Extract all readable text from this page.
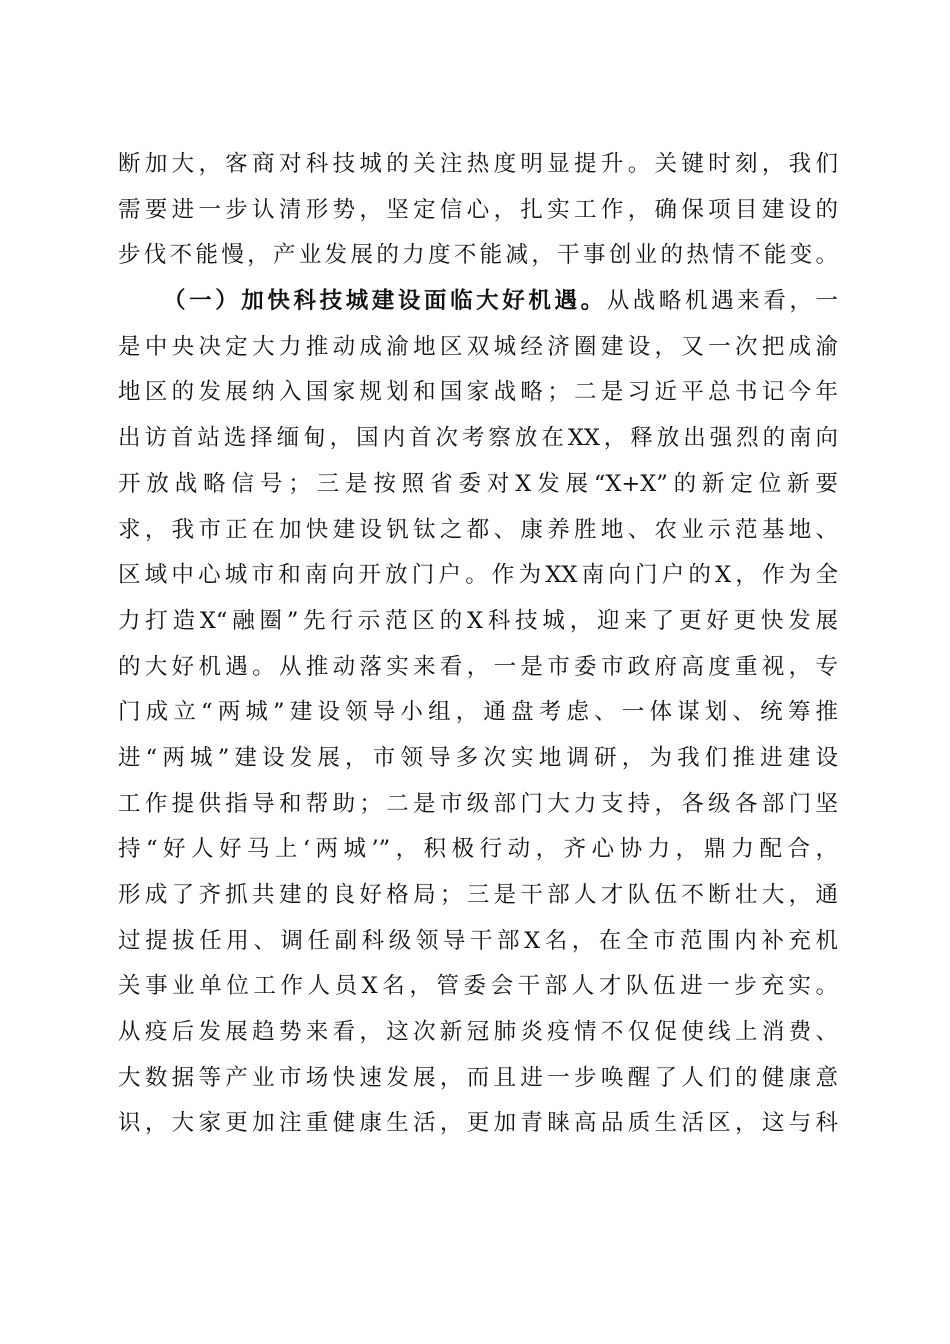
断加大，客商对科技城的关注热度明显提升。关键时刻，我们
需要进一步认清形势，坚定信心，扎实工作，确保项目建设的
步伐不能慢，产业发展的力度不能减，干事创业的热情不能变。
（一）加快科技城建设面临大好机遇。从战略机遇来看，一
是中央决定大力推动成渝地区双城经济圈建设，又一次把成渝
地区的发展纳入国家规划和国家战略；二是习近平总书记今年
出访首站选择缅甸，国内首次考察放在XX，释放出强烈的南向
开放战略信号；三是按照省委对X发展“X+X”的新定位新要
求，我市正在加快建设钒钛之都、康养胜地、农业示范基地、
区域中心城市和南向开放门户。作为XX南向门户的X，作为全
力打造X“融圈”先行示范区的X科技城，迎来了更好更快发展
的大好机遇。从推动落实来看，一是市委市政府高度重视，专
门成立“两城”建设领导小组，通盘考虑、一体谋划、统筹推
进“两城”建设发展，市领导多次实地调研，为我们推进建设
工作提供指导和帮助；二是市级部门大力支持，各级各部门坚
持“好人好马上‘两城’”，积极行动，齐心协力，鼎力配合，
形成了齐抓共建的良好格局；三是干部人才队伍不断壮大，通
过提拔任用、调任副科级领导干部X名，在全市范围内补充机
关事业单位工作人员X名，管委会干部人才队伍进一步充实。
从疫后发展趋势来看，这次新冠肺炎疫情不仅促使线上消费、
大数据等产业市场快速发展，而且进一步唤醒了人们的健康意
识，大家更加注重健康生活，更加青睐高品质生活区，这与科
